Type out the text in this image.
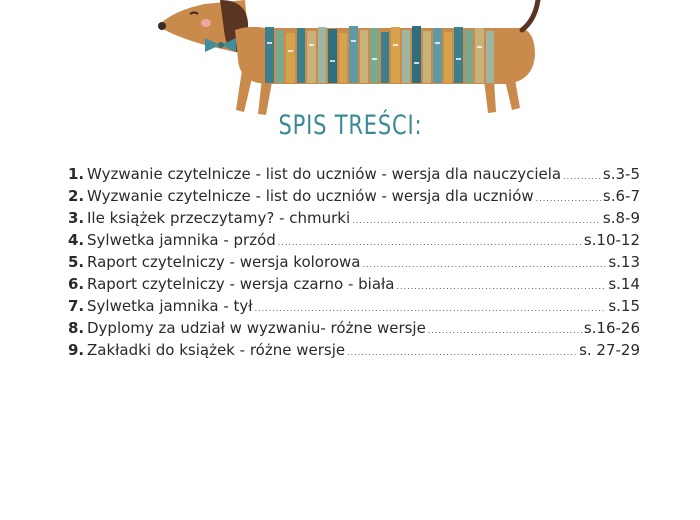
SPIS TREŚCI:
1. Wyzwanie czytelnicze - list do uczniów - wersja dla nauczyciela .....	s.3-5
2. Wyzwanie czytelnicze - list do uczniów - wersja dla uczniów .....	s.6-7
3. Ile książek przeczytamy? - chmurki .....	s.8-9
4. Sylwetka jamnika - przód .....	s.10-12
5. Raport czytelniczy - wersja kolorowa .....	s.13
6. Raport czytelniczy - wersja czarno - biała .....	s.14
7. Sylwetka jamnika - tył .....	s.15
8. Dyplomy za udział w wyzwaniu- różne wersje .....	s.16-26
9. Zakładki do książek - różne wersje .....	s. 27-29
